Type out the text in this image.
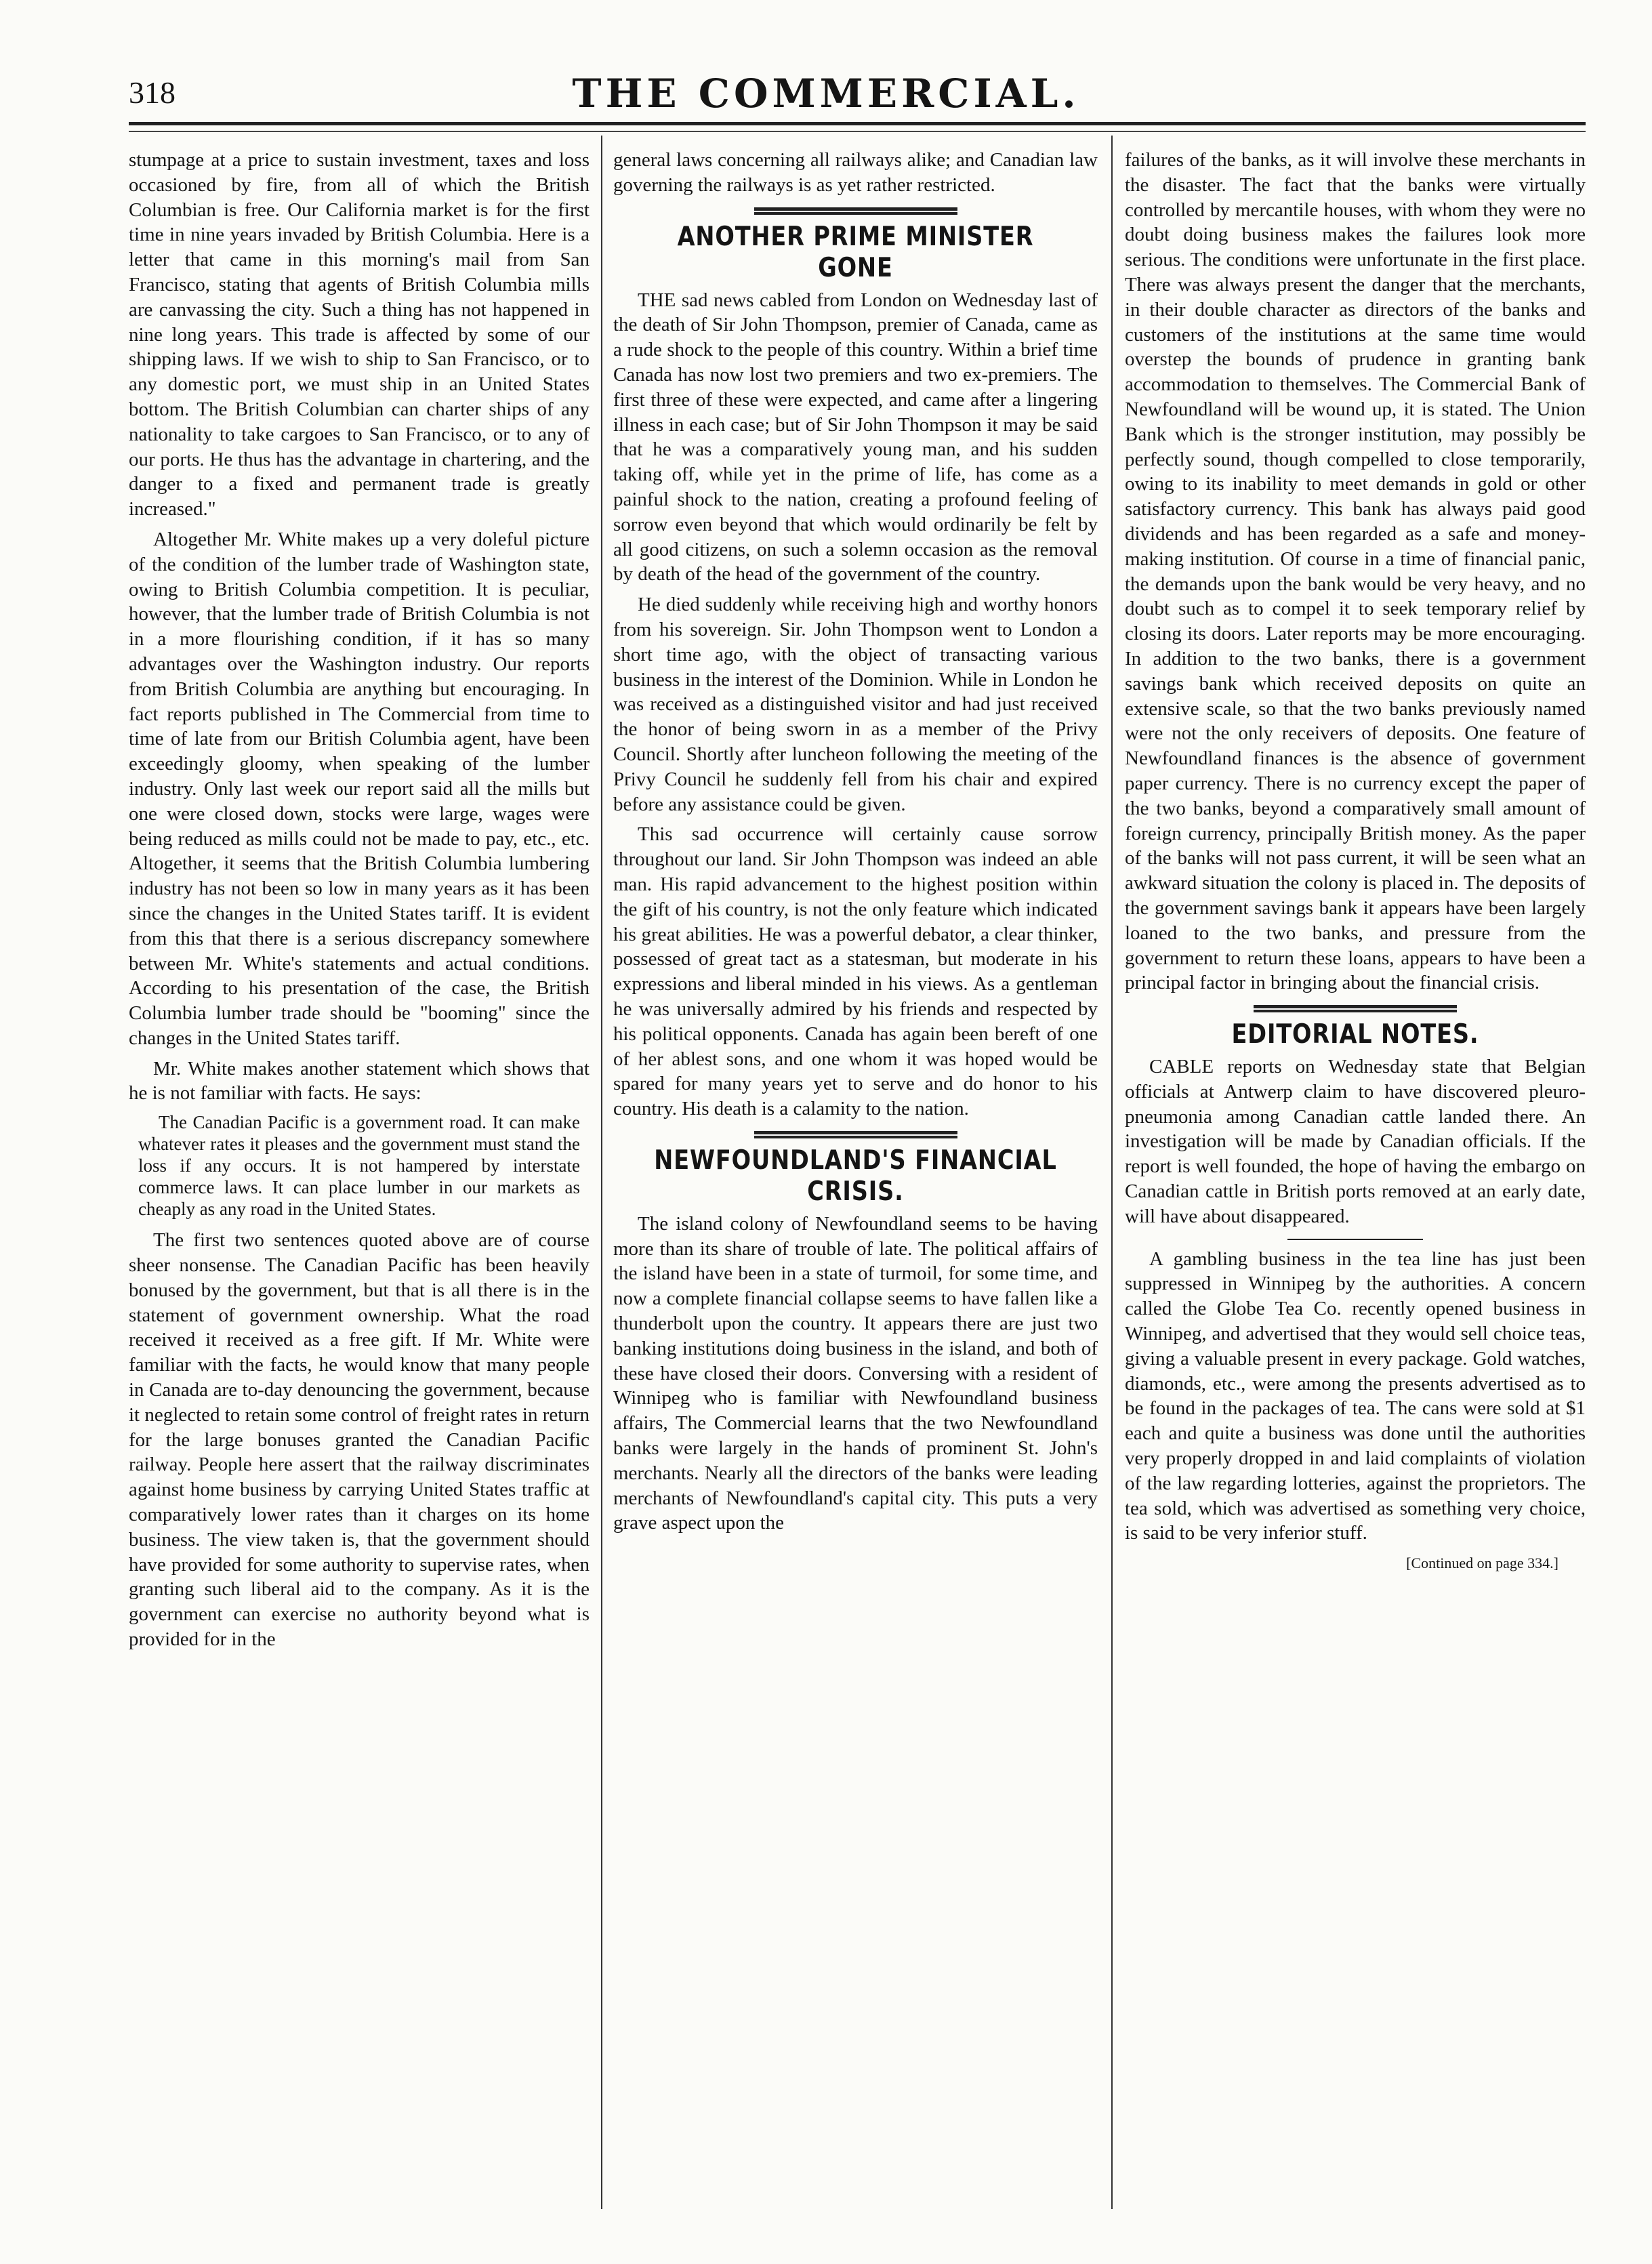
318	THE COMMERCIAL.

stumpage at a price to sustain investment, taxes and loss occasioned by fire, from all of which the British Columbian is free. Our California market is for the first time in nine years invaded by British Columbia. Here is a letter that came in this morning's mail from San Francisco, stating that agents of British Columbia mills are canvassing the city. Such a thing has not happened in nine long years. This trade is affected by some of our shipping laws. If we wish to ship to San Francisco, or to any domestic port, we must ship in an United States bottom. The British Columbian can charter ships of any nationality to take cargoes to San Francisco, or to any of our ports. He thus has the advantage in chartering, and the danger to a fixed and permanent trade is greatly increased."

Altogether Mr. White makes up a very doleful picture of the condition of the lumber trade of Washington state, owing to British Columbia competition. It is peculiar, however, that the lumber trade of British Columbia is not in a more flourishing condition, if it has so many advantages over the Washington industry. Our reports from British Columbia are anything but encouraging. In fact reports published in The Commercial from time to time of late from our British Columbia agent, have been exceedingly gloomy, when speaking of the lumber industry. Only last week our report said all the mills but one were closed down, stocks were large, wages were being reduced as mills could not be made to pay, etc., etc. Altogether, it seems that the British Columbia lumbering industry has not been so low in many years as it has been since the changes in the United States tariff. It is evident from this that there is a serious discrepancy somewhere between Mr. White's statements and actual conditions. According to his presentation of the case, the British Columbia lumber trade should be "booming" since the changes in the United States tariff.

Mr. White makes another statement which shows that he is not familiar with facts. He says:

The Canadian Pacific is a government road. It can make whatever rates it pleases and the government must stand the loss if any occurs. It is not hampered by interstate commerce laws. It can place lumber in our markets as cheaply as any road in the United States.

The first two sentences quoted above are of course sheer nonsense. The Canadian Pacific has been heavily bonused by the government, but that is all there is in the statement of government ownership. What the road received it received as a free gift. If Mr. White were familiar with the facts, he would know that many people in Canada are to-day denouncing the government, because it neglected to retain some control of freight rates in return for the large bonuses granted the Canadian Pacific railway. People here assert that the railway discriminates against home business by carrying United States traffic at comparatively lower rates than it charges on its home business. The view taken is, that the government should have provided for some authority to supervise rates, when granting such liberal aid to the company. As it is the government can exercise no authority beyond what is provided for in the

general laws concerning all railways alike; and Canadian law governing the railways is as yet rather restricted.

ANOTHER PRIME MINISTER GONE

THE sad news cabled from London on Wednesday last of the death of Sir John Thompson, premier of Canada, came as a rude shock to the people of this country. Within a brief time Canada has now lost two premiers and two ex-premiers. The first three of these were expected, and came after a lingering illness in each case; but of Sir John Thompson it may be said that he was a comparatively young man, and his sudden taking off, while yet in the prime of life, has come as a painful shock to the nation, creating a profound feeling of sorrow even beyond that which would ordinarily be felt by all good citizens, on such a solemn occasion as the removal by death of the head of the government of the country.

He died suddenly while receiving high and worthy honors from his sovereign. Sir. John Thompson went to London a short time ago, with the object of transacting various business in the interest of the Dominion. While in London he was received as a distinguished visitor and had just received the honor of being sworn in as a member of the Privy Council. Shortly after luncheon following the meeting of the Privy Council he suddenly fell from his chair and expired before any assistance could be given.

This sad occurrence will certainly cause sorrow throughout our land. Sir John Thompson was indeed an able man. His rapid advancement to the highest position within the gift of his country, is not the only feature which indicated his great abilities. He was a powerful debator, a clear thinker, possessed of great tact as a statesman, but moderate in his expressions and liberal minded in his views. As a gentleman he was universally admired by his friends and respected by his political opponents. Canada has again been bereft of one of her ablest sons, and one whom it was hoped would be spared for many years yet to serve and do honor to his country. His death is a calamity to the nation.

NEWFOUNDLAND'S FINANCIAL CRISIS.

The island colony of Newfoundland seems to be having more than its share of trouble of late. The political affairs of the island have been in a state of turmoil, for some time, and now a complete financial collapse seems to have fallen like a thunderbolt upon the country. It appears there are just two banking institutions doing business in the island, and both of these have closed their doors. Conversing with a resident of Winnipeg who is familiar with Newfoundland business affairs, The Commercial learns that the two Newfoundland banks were largely in the hands of prominent St. John's merchants. Nearly all the directors of the banks were leading merchants of Newfoundland's capital city. This puts a very grave aspect upon the

failures of the banks, as it will involve these merchants in the disaster. The fact that the banks were virtually controlled by mercantile houses, with whom they were no doubt doing business makes the failures look more serious. The conditions were unfortunate in the first place. There was always present the danger that the merchants, in their double character as directors of the banks and customers of the institutions at the same time would overstep the bounds of prudence in granting bank accommodation to themselves. The Commercial Bank of Newfoundland will be wound up, it is stated. The Union Bank which is the stronger institution, may possibly be perfectly sound, though compelled to close temporarily, owing to its inability to meet demands in gold or other satisfactory currency. This bank has always paid good dividends and has been regarded as a safe and money-making institution. Of course in a time of financial panic, the demands upon the bank would be very heavy, and no doubt such as to compel it to seek temporary relief by closing its doors. Later reports may be more encouraging. In addition to the two banks, there is a government savings bank which received deposits on quite an extensive scale, so that the two banks previously named were not the only receivers of deposits. One feature of Newfoundland finances is the absence of government paper currency. There is no currency except the paper of the two banks, beyond a comparatively small amount of foreign currency, principally British money. As the paper of the banks will not pass current, it will be seen what an awkward situation the colony is placed in. The deposits of the government savings bank it appears have been largely loaned to the two banks, and pressure from the government to return these loans, appears to have been a principal factor in bringing about the financial crisis.

EDITORIAL NOTES.

CABLE reports on Wednesday state that Belgian officials at Antwerp claim to have discovered pleuro-pneumonia among Canadian cattle landed there. An investigation will be made by Canadian officials. If the report is well founded, the hope of having the embargo on Canadian cattle in British ports removed at an early date, will have about disappeared.

A gambling business in the tea line has just been suppressed in Winnipeg by the authorities. A concern called the Globe Tea Co. recently opened business in Winnipeg, and advertised that they would sell choice teas, giving a valuable present in every package. Gold watches, diamonds, etc., were among the presents advertised as to be found in the packages of tea. The cans were sold at $1 each and quite a business was done until the authorities very properly dropped in and laid complaints of violation of the law regarding lotteries, against the proprietors. The tea sold, which was advertised as something very choice, is said to be very inferior stuff.

[Continued on page 334.]
